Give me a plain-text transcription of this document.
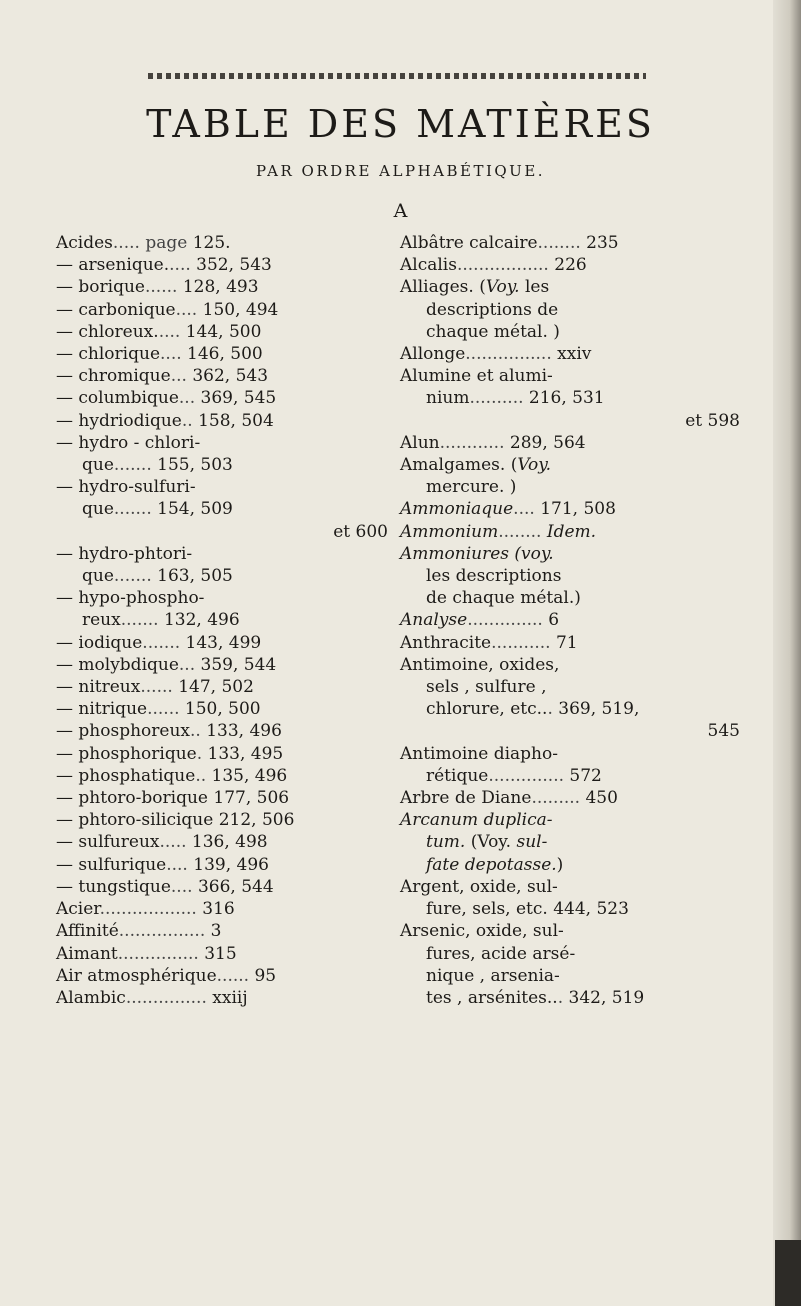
TABLE DES MATIÈRES
PAR ORDRE ALPHABÉTIQUE.
A
Acides..... page 125.
— arsenique..... 352, 543
— borique...... 128, 493
— carbonique.... 150, 494
— chloreux..... 144, 500
— chlorique.... 146, 500
— chromique... 362, 543
— columbique... 369, 545
— hydriodique.. 158, 504
— hydro - chlori-
que....... 155, 503
— hydro-sulfuri-
que....... 154, 509
et 600
— hydro-phtori-
que....... 163, 505
— hypo-phospho-
reux....... 132, 496
— iodique....... 143, 499
— molybdique... 359, 544
— nitreux...... 147, 502
— nitrique...... 150, 500
— phosphoreux.. 133, 496
— phosphorique. 133, 495
— phosphatique.. 135, 496
— phtoro-borique 177, 506
— phtoro-silicique 212, 506
— sulfureux..... 136, 498
— sulfurique.... 139, 496
— tungstique.... 366, 544
Acier.................. 316
Affinité................ 3
Aimant............... 315
Air atmosphérique...... 95
Alambic............... xxiij
Albâtre calcaire........ 235
Alcalis................. 226
Alliages. (Voy. les
descriptions de
chaque métal. )
Allonge................ xxiv
Alumine et alumi-
nium.......... 216, 531
et 598
Alun............ 289, 564
Amalgames. (Voy.
mercure. )
Ammoniaque.... 171, 508
Ammonium........ Idem.
Ammoniures (voy.
les descriptions
de chaque métal.)
Analyse.............. 6
Anthracite........... 71
Antimoine, oxides,
sels , sulfure ,
chlorure, etc... 369, 519,
545
Antimoine diapho-
rétique.............. 572
Arbre de Diane......... 450
Arcanum duplica-
tum. (Voy. sul-
fate depotasse.)
Argent, oxide, sul-
fure, sels, etc. 444, 523
Arsenic, oxide, sul-
fures, acide arsé-
nique , arsenia-
tes , arsénites... 342, 519
